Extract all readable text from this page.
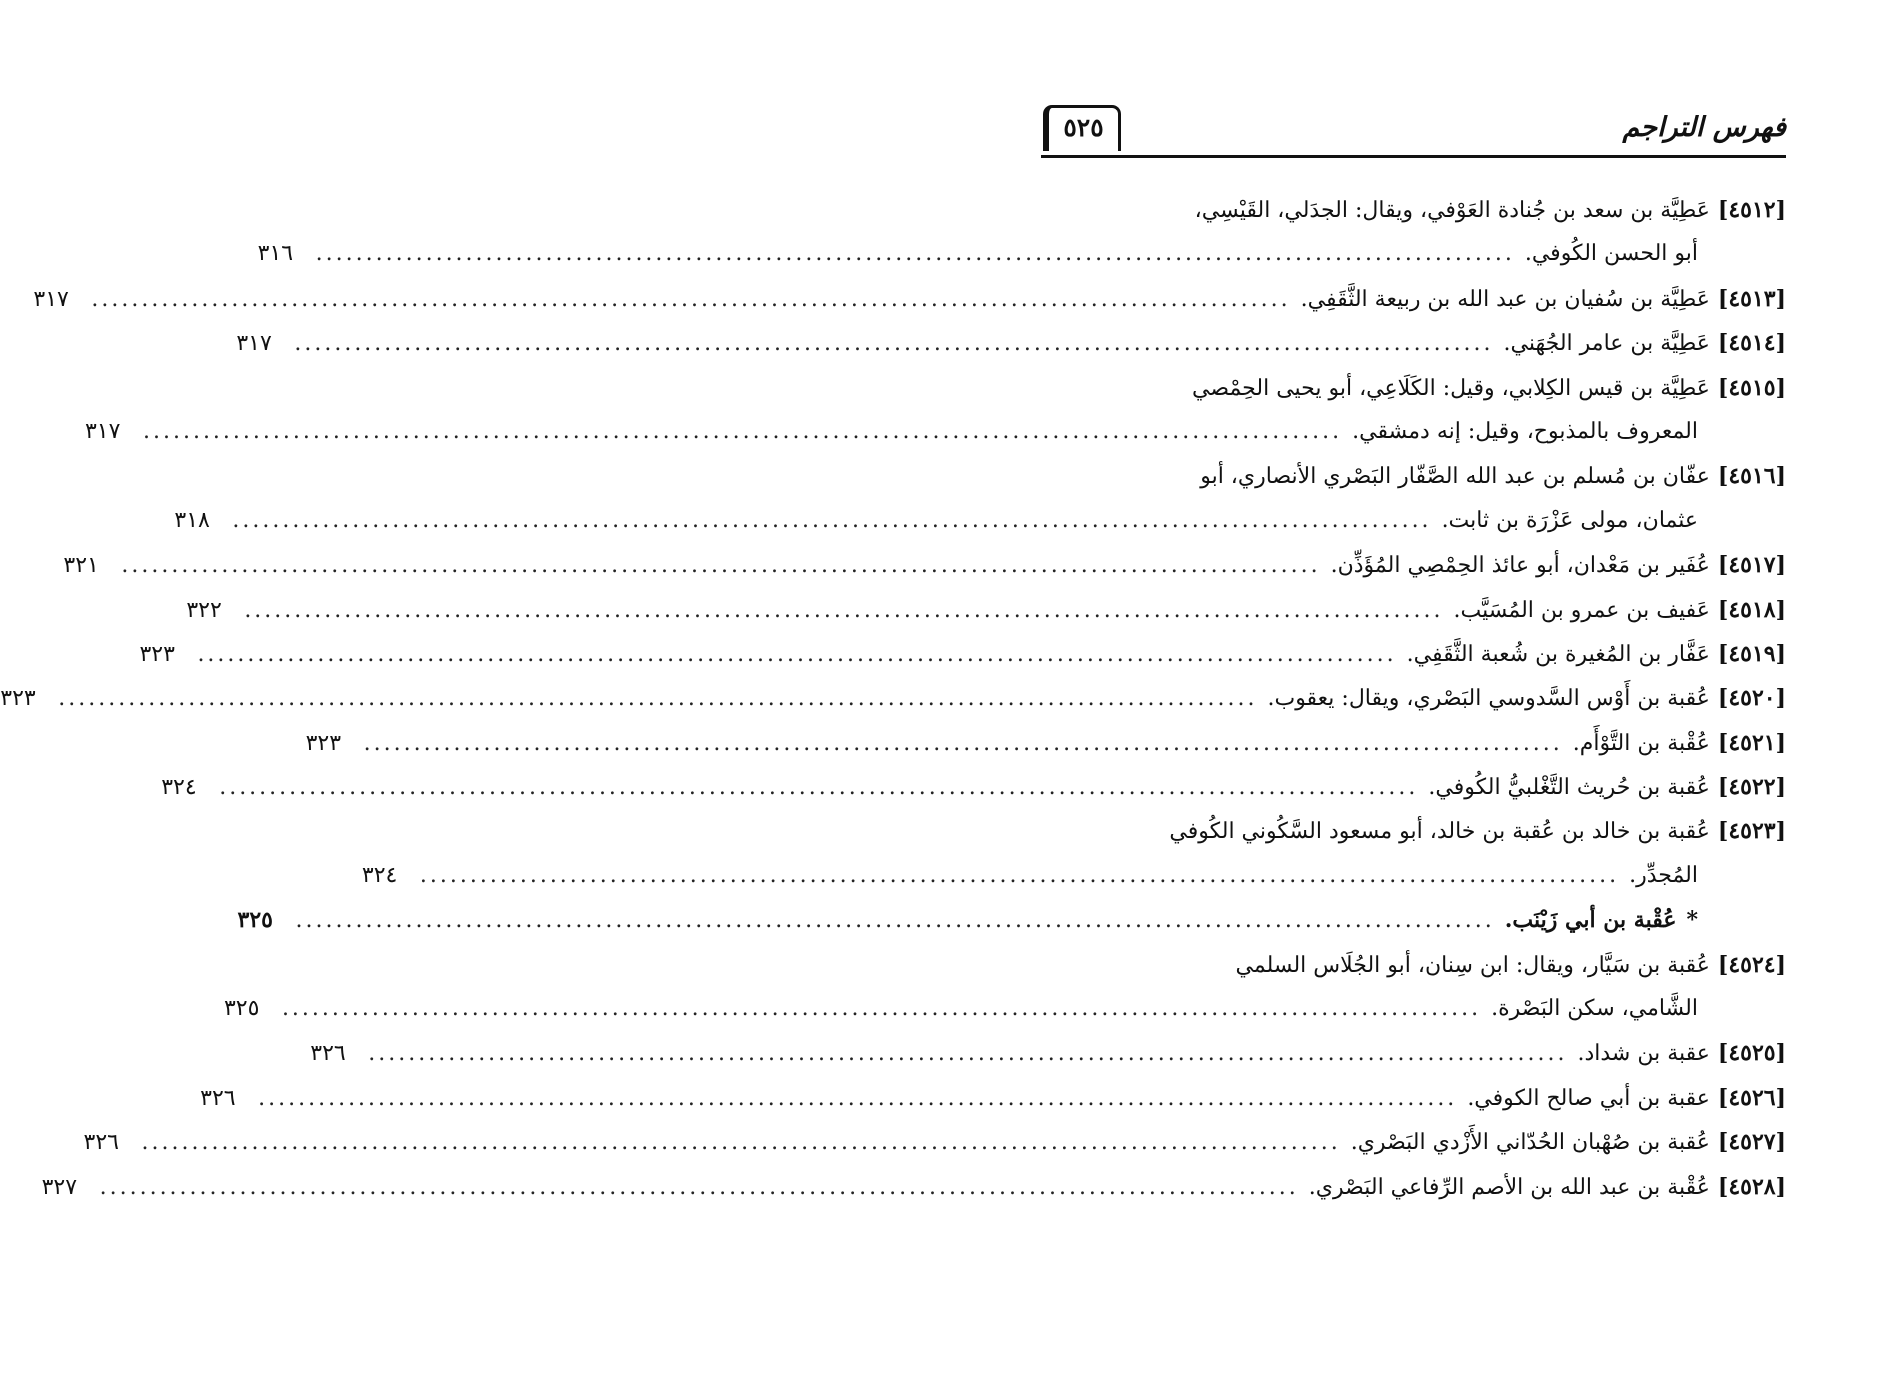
فهرس التراجم
٥٢٥
[٤٥١٢]
عَطِيَّة بن سعد بن جُنادة العَوْفي، ويقال: الجدَلي، القَيْسِي،
أبو الحسن الكُوفي.
.....
٣١٦
[٤٥١٣]
عَطِيَّة بن سُفيان بن عبد الله بن ربيعة الثَّقَفِي.
.....
٣١٧
[٤٥١٤]
عَطِيَّة بن عامر الجُهَني.
.....
٣١٧
[٤٥١٥]
عَطِيَّة بن قيس الكِلابي، وقيل: الكَلَاعِي، أبو يحيى الحِمْصي
المعروف بالمذبوح، وقيل: إنه دمشقي.
.....
٣١٧
[٤٥١٦]
عفّان بن مُسلم بن عبد الله الصَّفّار البَصْري الأنصاري، أبو
عثمان، مولى عَزْرَة بن ثابت.
.....
٣١٨
[٤٥١٧]
عُفَير بن مَعْدان، أبو عائذ الحِمْصِي المُؤَذِّن.
.....
٣٢١
[٤٥١٨]
عَفيف بن عمرو بن المُسَيَّب.
.....
٣٢٢
[٤٥١٩]
عَفَّار بن المُغيرة بن شُعبة الثَّقَفِي.
.....
٣٢٣
[٤٥٢٠]
عُقبة بن أَوْس السَّدوسي البَصْري، ويقال: يعقوب.
.....
٣٢٣
[٤٥٢١]
عُقْبة بن التَّوْأَم.
.....
٣٢٣
[٤٥٢٢]
عُقبة بن حُريث التَّغْلبيُّ الكُوفي.
.....
٣٢٤
[٤٥٢٣]
عُقبة بن خالد بن عُقبة بن خالد، أبو مسعود السَّكُوني الكُوفي
المُجدِّر.
.....
٣٢٤
*
عُقْبة بن أبي زَيْنَب.
.....
٣٢٥
[٤٥٢٤]
عُقبة بن سَيَّار، ويقال: ابن سِنان، أبو الجُلَاس السلمي
الشَّامي، سكن البَصْرة.
.....
٣٢٥
[٤٥٢٥]
عقبة بن شداد.
.....
٣٢٦
[٤٥٢٦]
عقبة بن أبي صالح الكوفي.
.....
٣٢٦
[٤٥٢٧]
عُقبة بن صُهْبان الحُدّاني الأَزْدي البَصْري.
.....
٣٢٦
[٤٥٢٨]
عُقْبة بن عبد الله بن الأصم الرِّفاعي البَصْري.
.....
٣٢٧
